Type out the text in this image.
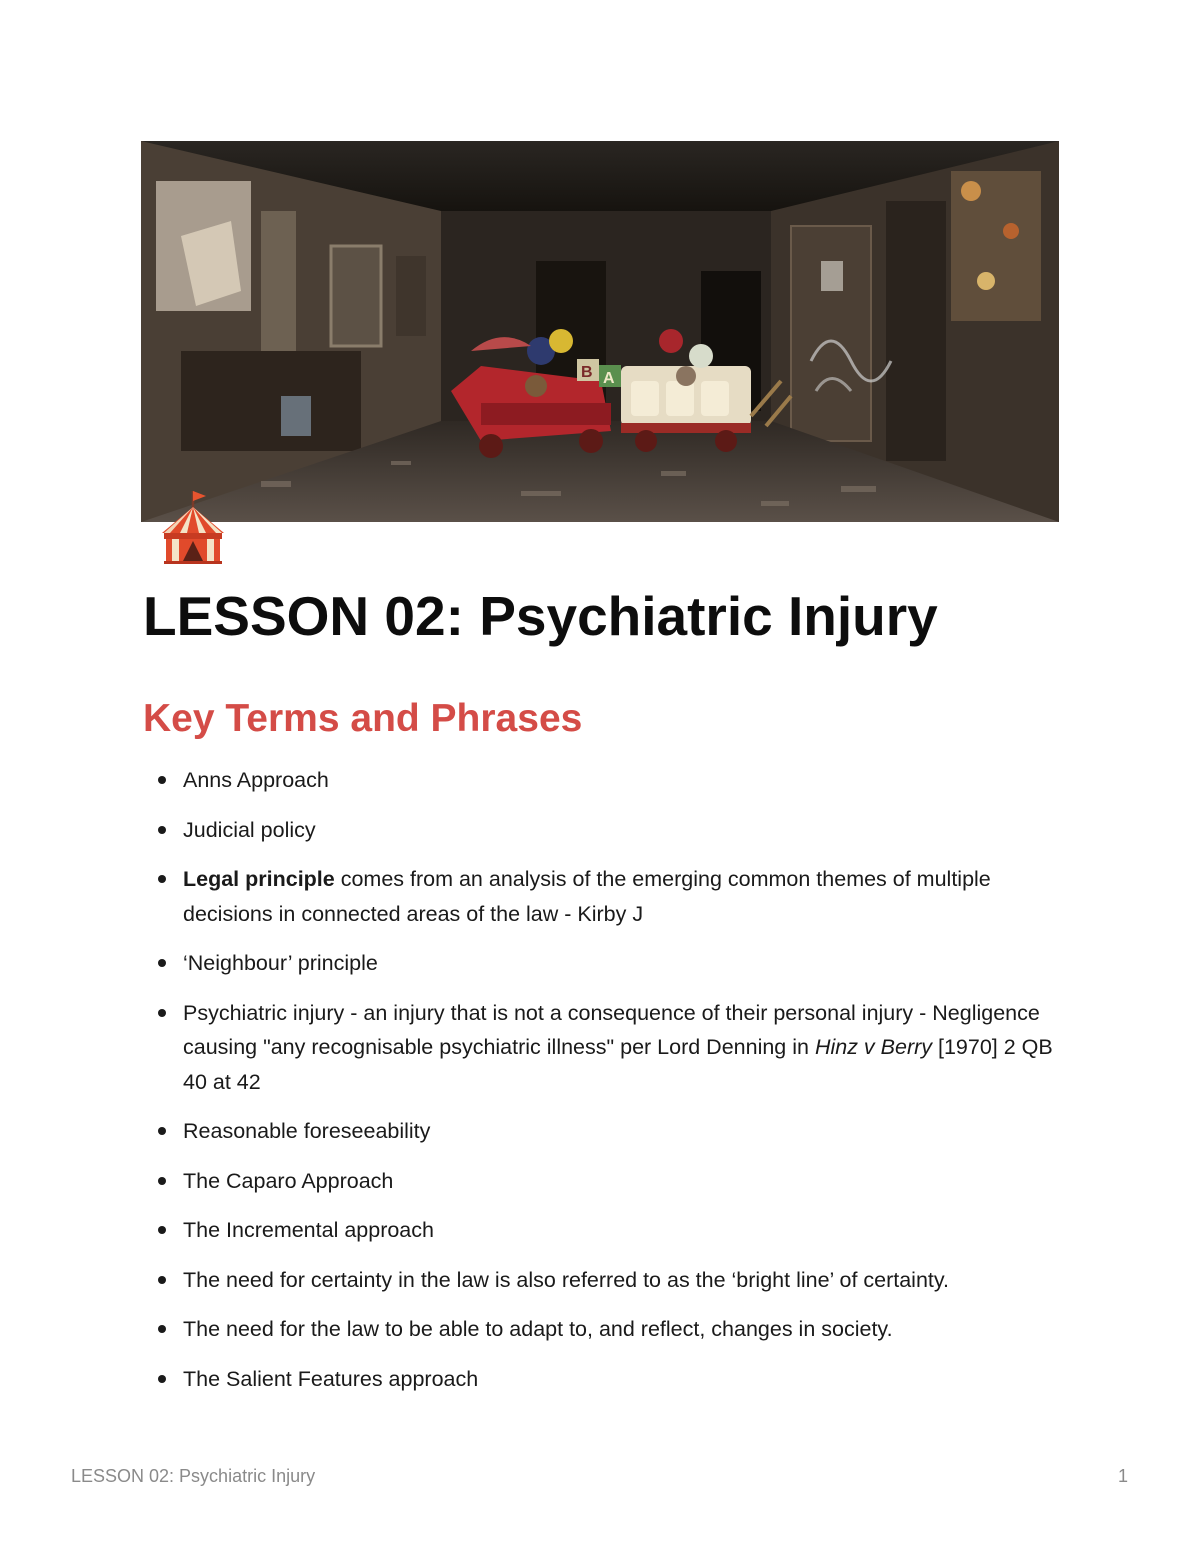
B A
LESSON 02: Psychiatric Injury
Key Terms and Phrases
Anns Approach
Judicial policy
Legal principle comes from an analysis of the emerging common themes of multiple decisions in connected areas of the law - Kirby J
‘Neighbour’ principle
Psychiatric injury - an injury that is not a consequence of their personal injury - Negligence causing "any recognisable psychiatric illness" per Lord Denning in Hinz v Berry [1970] 2 QB 40 at 42
Reasonable foreseeability
The Caparo Approach
The Incremental approach
The need for certainty in the law is also referred to as the ‘bright line’ of certainty.
The need for the law to be able to adapt to, and reflect, changes in society.
The Salient Features approach
LESSON 02: Psychiatric Injury	1
